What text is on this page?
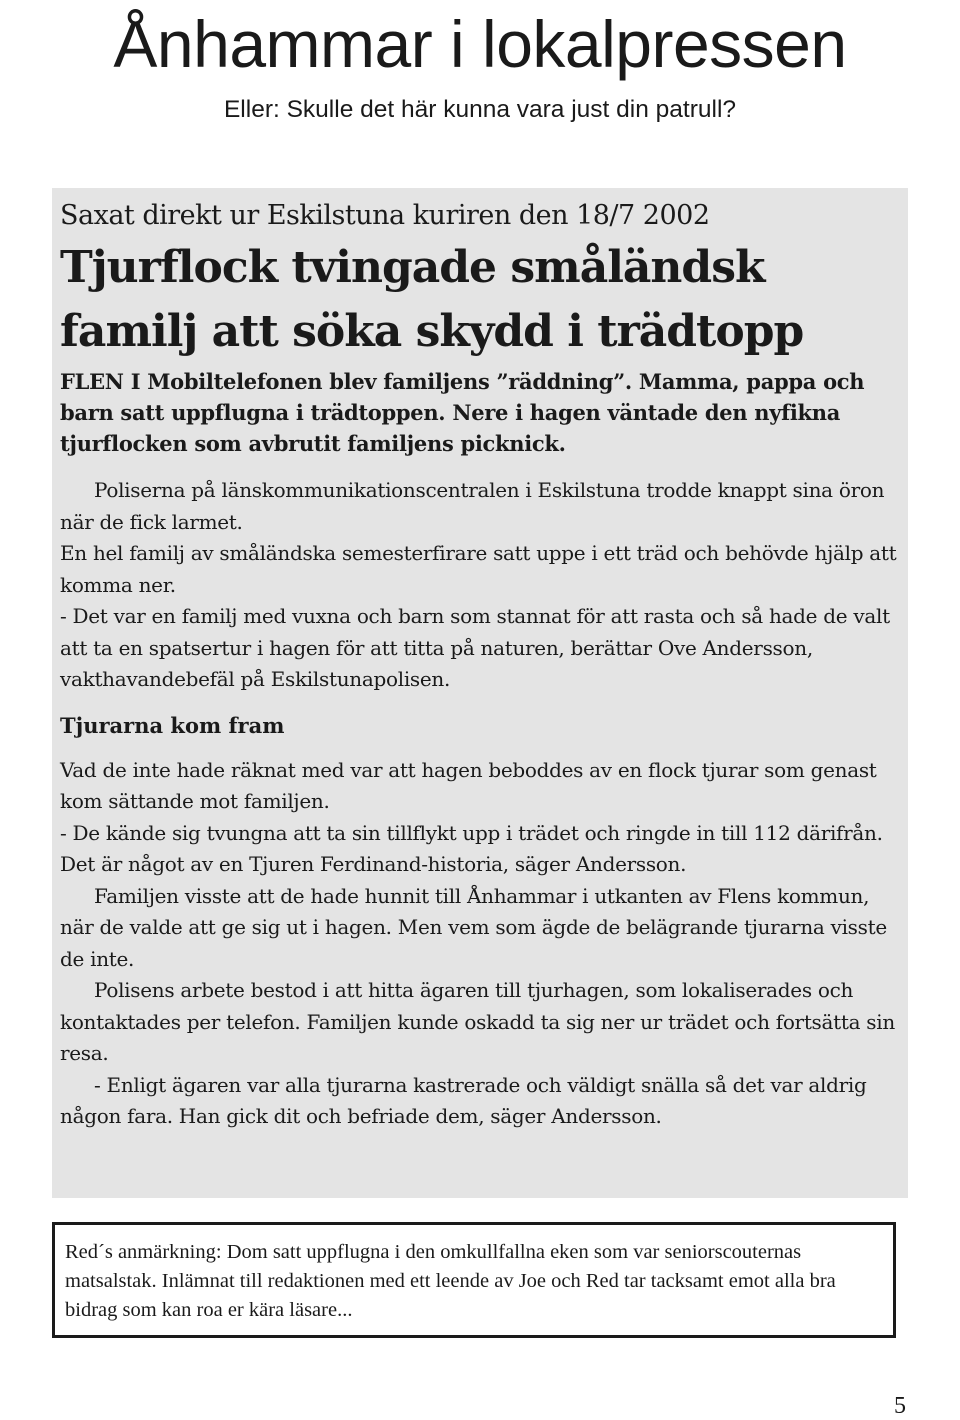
Ånhammar i lokalpressen

Eller: Skulle det här kunna vara just din patrull?

Saxat direkt ur Eskilstuna kuriren den 18/7 2002

Tjurflock tvingade småländsk familj att söka skydd i trädtopp

FLEN I Mobiltelefonen blev familjens ”räddning”. Mamma, pappa och barn satt uppflugna i trädtoppen. Nere i hagen väntade den nyfikna tjurflocken som avbrutit familjens picknick.

Poliserna på länskommunikationscentralen i Eskilstuna trodde knappt sina öron när de fick larmet.

En hel familj av småländska semesterfirare satt uppe i ett träd och behövde hjälp att komma ner.

- Det var en familj med vuxna och barn som stannat för att rasta och så hade de valt att ta en spatsertur i hagen för att titta på naturen, berättar Ove Andersson, vakthavandebefäl på Eskilstunapolisen.

Tjurarna kom fram

Vad de inte hade räknat med var att hagen beboddes av en flock tjurar som genast kom sättande mot familjen.

- De kände sig tvungna att ta sin tillflykt upp i trädet och ringde in till 112 därifrån. Det är något av en Tjuren Ferdinand-historia, säger Andersson.

Familjen visste att de hade hunnit till Ånhammar i utkanten av Flens kommun, när de valde att ge sig ut i hagen. Men vem som ägde de belägrande tjurarna visste de inte.

Polisens arbete bestod i att hitta ägaren till tjurhagen, som lokaliserades och kontaktades per telefon. Familjen kunde oskadd ta sig ner ur trädet och fortsätta sin resa.

- Enligt ägaren var alla tjurarna kastrerade och väldigt snälla så det var aldrig någon fara. Han gick dit och befriade dem, säger Andersson.

Red´s anmärkning: Dom satt uppflugna i den omkullfallna eken som var seniorscouternas matsalstak. Inlämnat till redaktionen med ett leende av Joe och Red tar tacksamt emot alla bra bidrag som kan roa er kära läsare...
5
